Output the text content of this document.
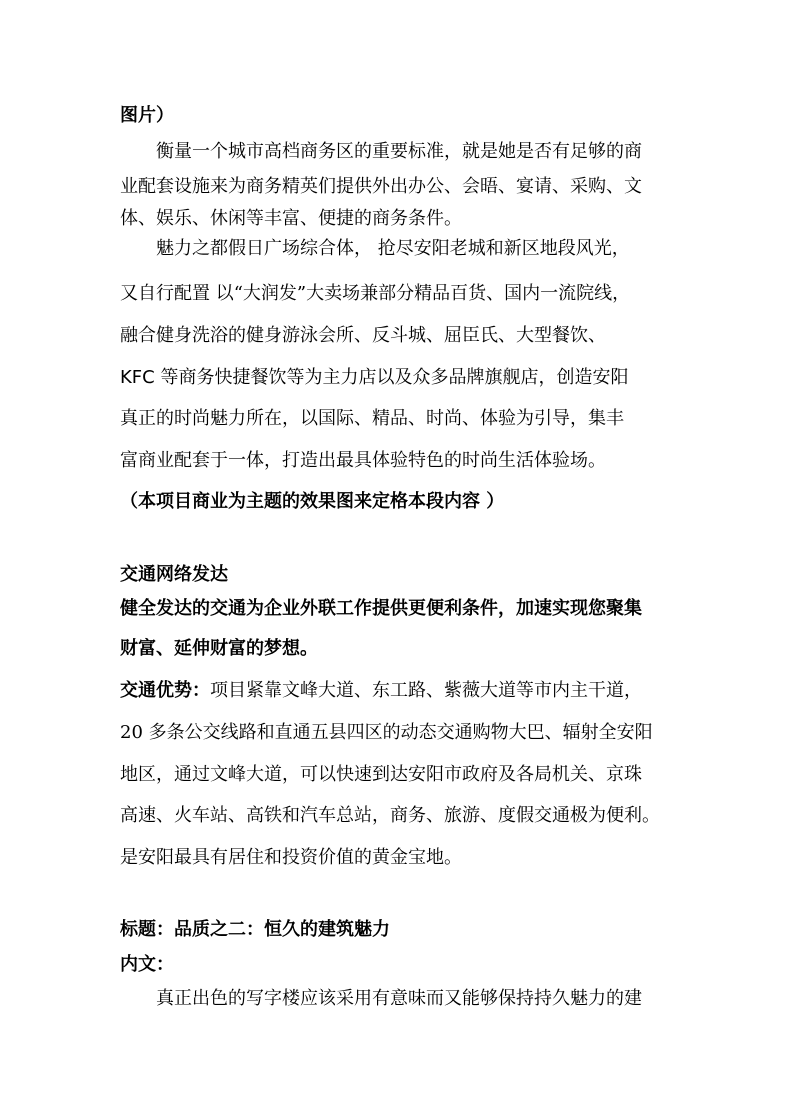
图片）
衡量一个城市高档商务区的重要标准，就是她是否有足够的商
业配套设施来为商务精英们提供外出办公、会晤、宴请、采购、文
体、娱乐、休闲等丰富、便捷的商务条件。
魅力之都假日广场综合体， 抢尽安阳老城和新区地段风光，
又自行配置 以“大润发”大卖场兼部分精品百货、国内一流院线，
融合健身洗浴的健身游泳会所、反斗城、屈臣氏、大型餐饮、
KFC 等商务快捷餐饮等为主力店以及众多品牌旗舰店，创造安阳
真正的时尚魅力所在，以国际、精品、时尚、体验为引导，集丰
富商业配套于一体，打造出最具体验特色的时尚生活体验场。
（本项目商业为主题的效果图来定格本段内容 ）
交通网络发达
健全发达的交通为企业外联工作提供更便利条件，加速实现您聚集
财富、延伸财富的梦想。
交通优势：项目紧靠文峰大道、东工路、紫薇大道等市内主干道，
20 多条公交线路和直通五县四区的动态交通购物大巴、辐射全安阳
地区，通过文峰大道，可以快速到达安阳市政府及各局机关、京珠
高速、火车站、高铁和汽车总站，商务、旅游、度假交通极为便利。
是安阳最具有居住和投资价值的黄金宝地。
标题：品质之二：恒久的建筑魅力
内文：
真正出色的写字楼应该采用有意味而又能够保持持久魅力的建
